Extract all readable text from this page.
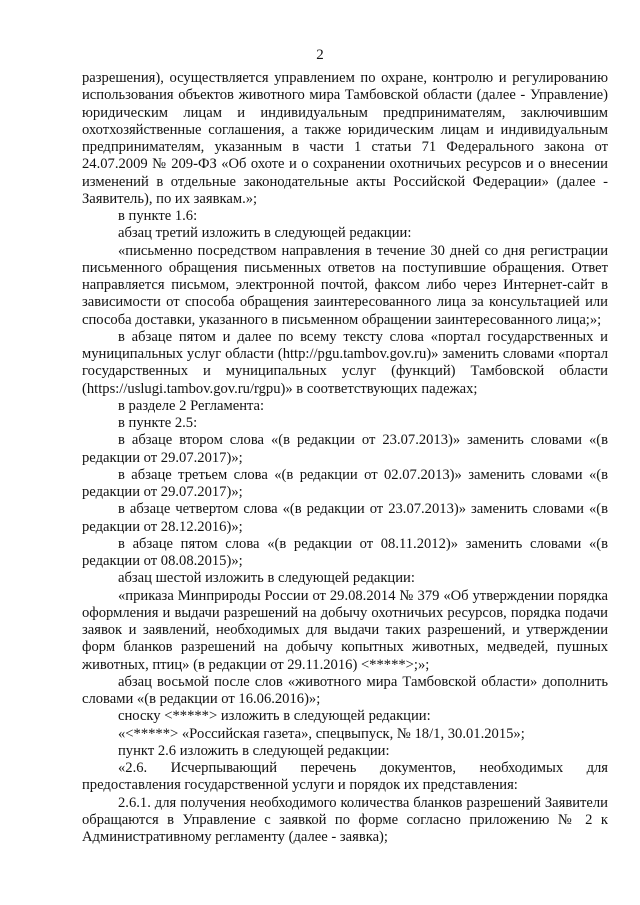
2

разрешения), осуществляется управлением по охране, контролю и регулированию использования объектов животного мира Тамбовской области (далее - Управление) юридическим лицам и индивидуальным предпринимателям, заключившим охотхозяйственные соглашения, а также юридическим лицам и индивидуальным предпринимателям, указанным в части 1 статьи 71 Федерального закона от 24.07.2009 № 209-ФЗ «Об охоте и о сохранении охотничьих ресурсов и о внесении изменений в отдельные законодательные акты Российской Федерации» (далее - Заявитель), по их заявкам.»;

в пункте 1.6:

абзац третий изложить в следующей редакции:

«письменно посредством направления в течение 30 дней со дня регистрации письменного обращения письменных ответов на поступившие обращения. Ответ направляется письмом, электронной почтой, факсом либо через Интернет-сайт в зависимости от способа обращения заинтересованного лица за консультацией или способа доставки, указанного в письменном обращении заинтересованного лица;»;

в абзаце пятом и далее по всему тексту слова «портал государственных и муниципальных услуг области (http://pgu.tambov.gov.ru)» заменить словами «портал государственных и муниципальных услуг (функций) Тамбовской области (https://uslugi.tambov.gov.ru/rgpu)» в соответствующих падежах;

в разделе 2 Регламента:

в пункте 2.5:

в абзаце втором слова «(в редакции от 23.07.2013)» заменить словами «(в редакции от 29.07.2017)»;

в абзаце третьем слова «(в редакции от 02.07.2013)» заменить словами «(в редакции от 29.07.2017)»;

в абзаце четвертом слова «(в редакции от 23.07.2013)» заменить словами «(в редакции от 28.12.2016)»;

в абзаце пятом слова «(в редакции от 08.11.2012)» заменить словами «(в редакции от 08.08.2015)»;

абзац шестой изложить в следующей редакции:

«приказа Минприроды России от 29.08.2014 № 379 «Об утверждении порядка оформления и выдачи разрешений на добычу охотничьих ресурсов, порядка подачи заявок и заявлений, необходимых для выдачи таких разрешений, и утверждении форм бланков разрешений на добычу копытных животных, медведей, пушных животных, птиц» (в редакции от 29.11.2016) <*****>;»;

абзац восьмой после слов «животного мира Тамбовской области» дополнить словами «(в редакции от 16.06.2016)»;

сноску <*****> изложить в следующей редакции:

«<*****> «Российская газета», спецвыпуск, № 18/1, 30.01.2015»;

пункт 2.6 изложить в следующей редакции:

«2.6. Исчерпывающий перечень документов, необходимых для предоставления государственной услуги и порядок их представления:

2.6.1. для получения необходимого количества бланков разрешений Заявители обращаются в Управление с заявкой по форме согласно приложению № 2 к Административному регламенту (далее - заявка);
